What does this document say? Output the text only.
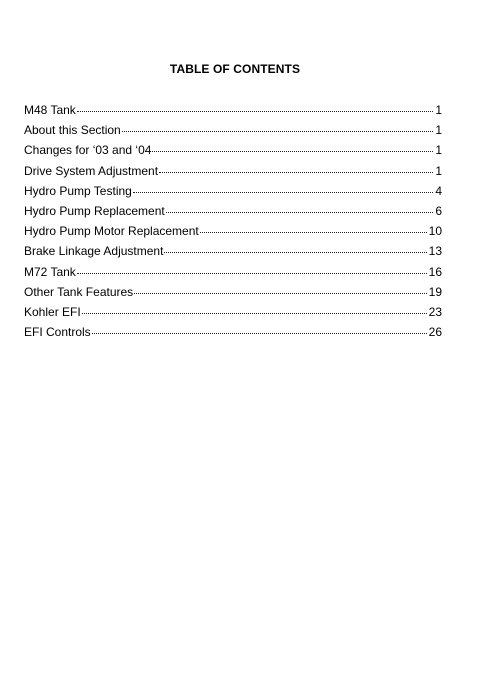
TABLE OF CONTENTS
M48 Tank	1
About this Section	1
Changes for ‘03 and ‘04	1
Drive System Adjustment	1
Hydro Pump Testing	4
Hydro Pump Replacement	6
Hydro Pump Motor Replacement	10
Brake Linkage Adjustment	13
M72 Tank	16
Other Tank Features	19
Kohler EFI	23
EFI Controls	26
